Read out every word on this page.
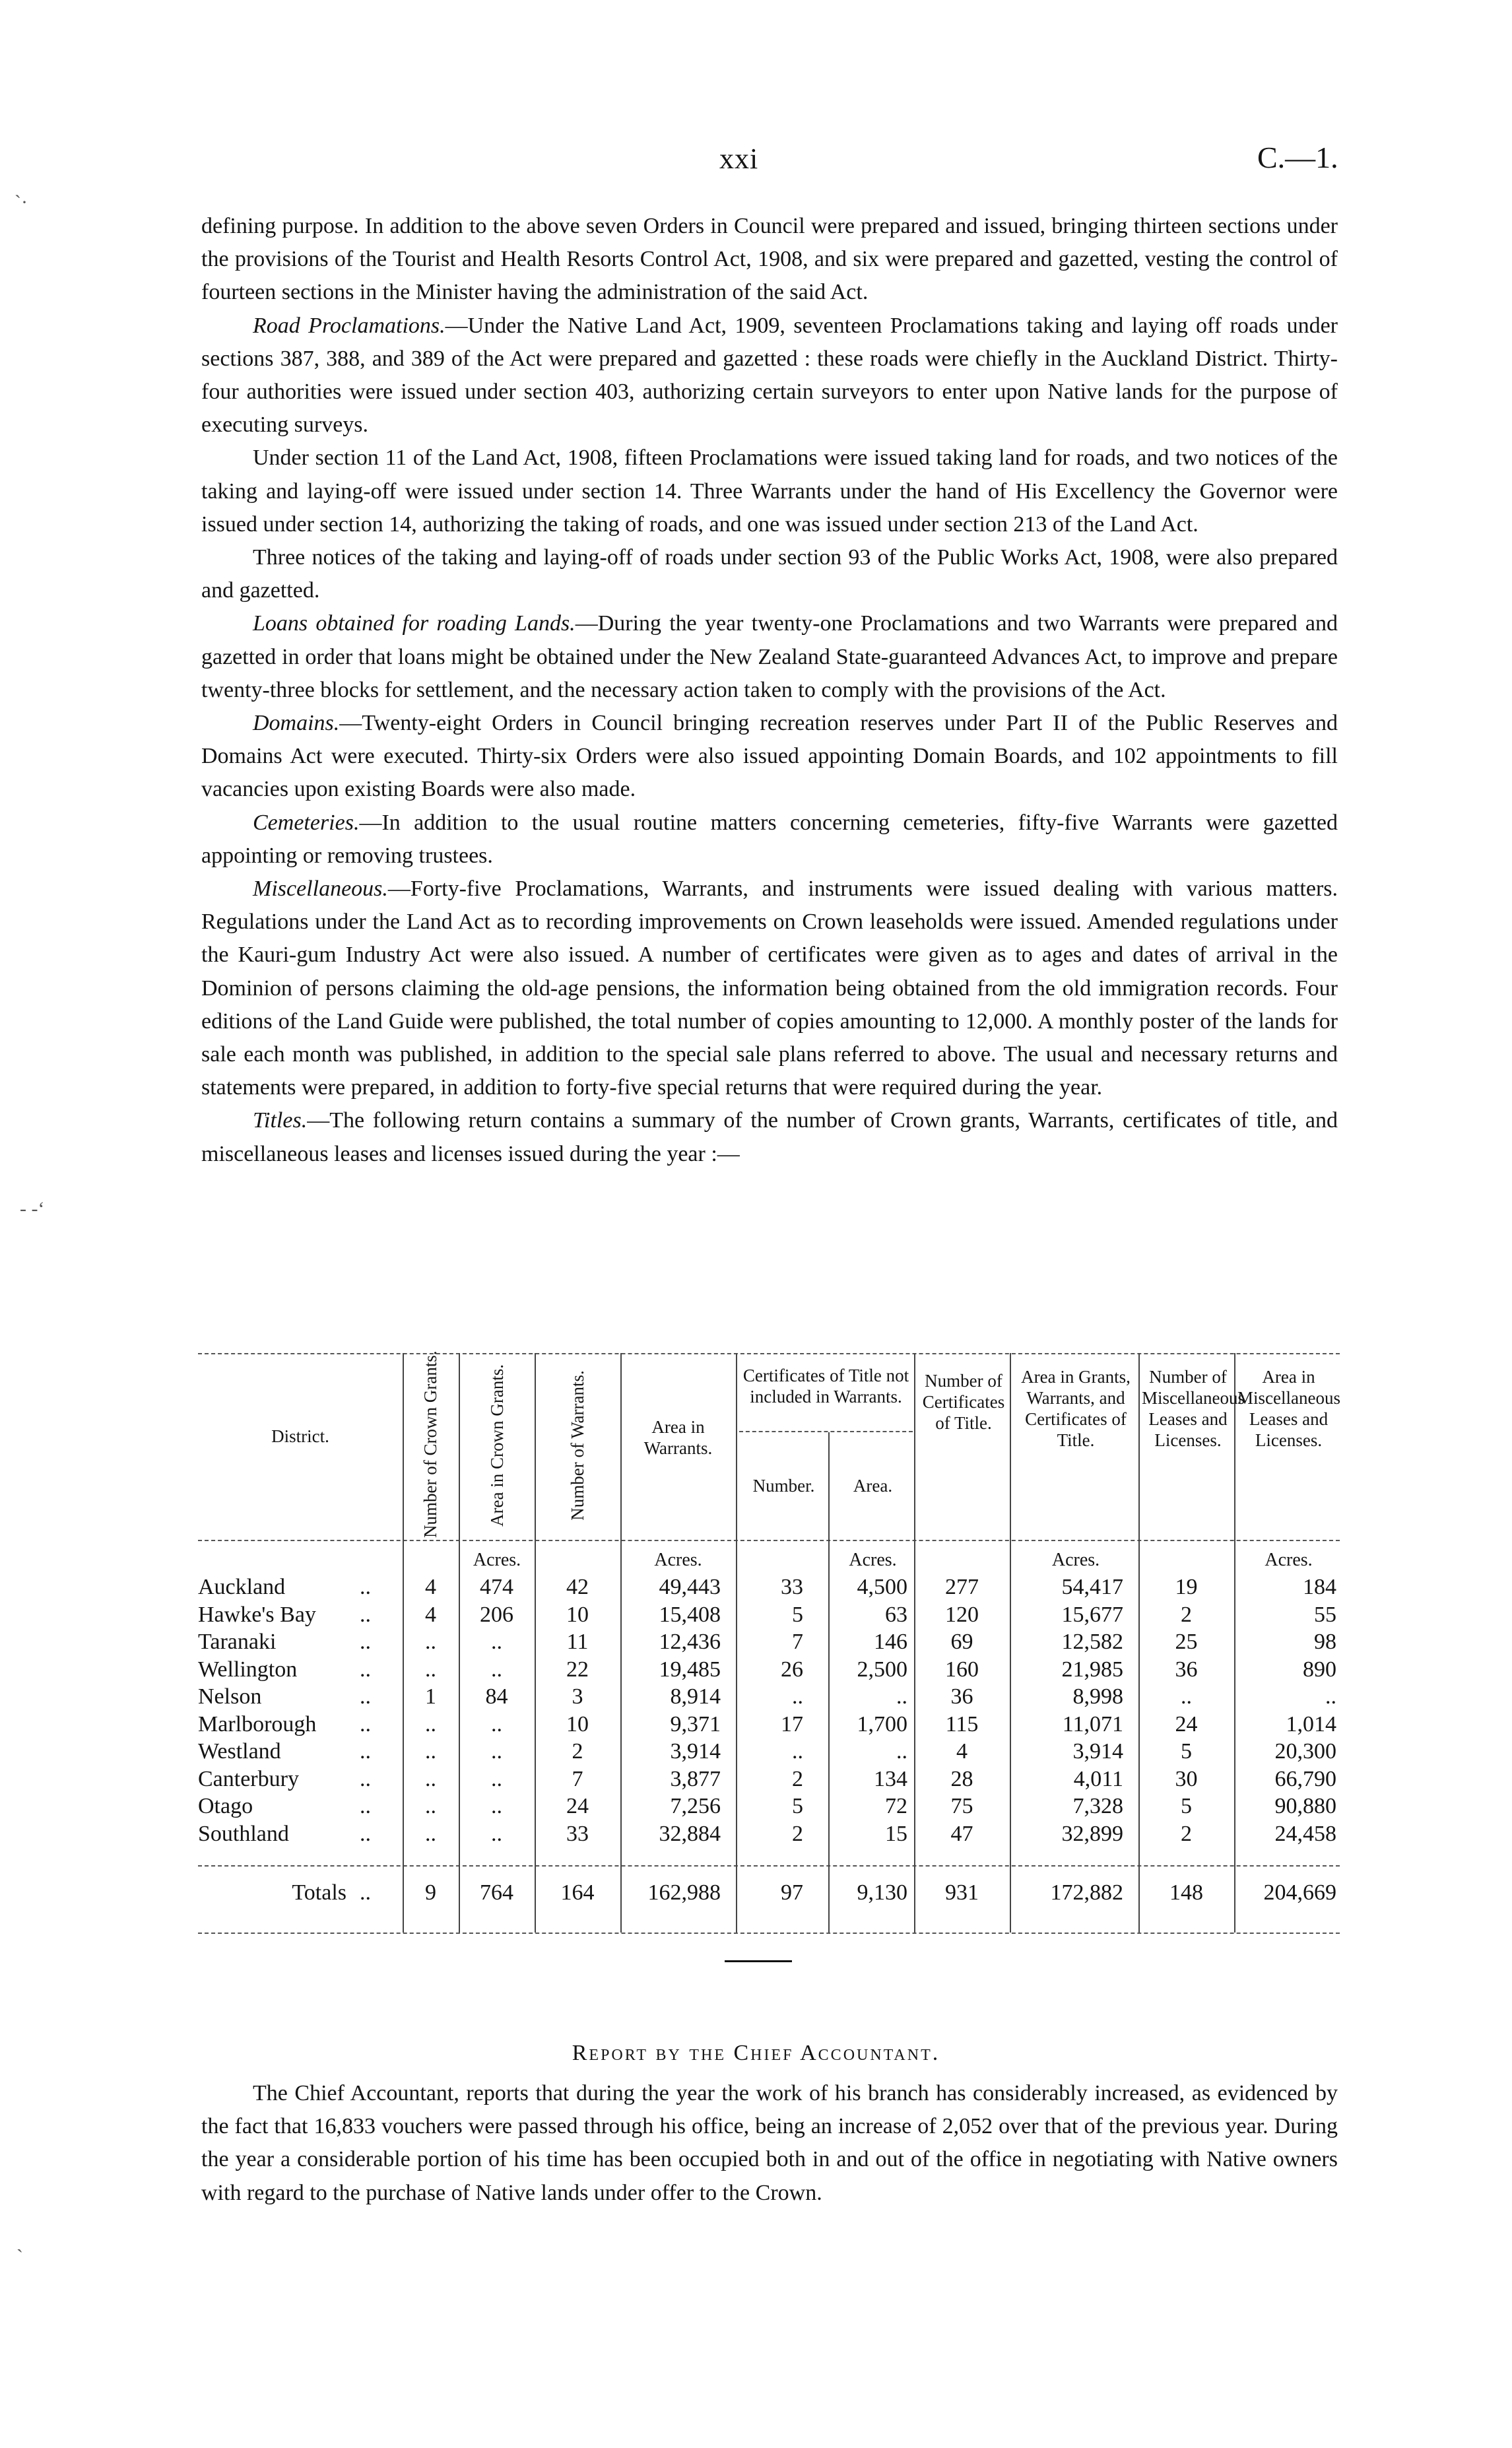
xxi	C.—1.
`·
- ‐‘
ˏ

defining purpose. In addition to the above seven Orders in Council were prepared and issued, bringing thirteen sections under the provisions of the Tourist and Health Resorts Control Act, 1908, and six were prepared and gazetted, vesting the control of fourteen sections in the Minister having the administration of the said Act.

Road Proclamations.—Under the Native Land Act, 1909, seventeen Proclamations taking and laying off roads under sections 387, 388, and 389 of the Act were prepared and gazetted : these roads were chiefly in the Auckland District. Thirty-four authorities were issued under section 403, authorizing certain surveyors to enter upon Native lands for the purpose of executing surveys.

Under section 11 of the Land Act, 1908, fifteen Proclamations were issued taking land for roads, and two notices of the taking and laying-off were issued under section 14. Three Warrants under the hand of His Excellency the Governor were issued under section 14, authorizing the taking of roads, and one was issued under section 213 of the Land Act.

Three notices of the taking and laying-off of roads under section 93 of the Public Works Act, 1908, were also prepared and gazetted.

Loans obtained for roading Lands.—During the year twenty-one Proclamations and two Warrants were prepared and gazetted in order that loans might be obtained under the New Zealand State-guaranteed Advances Act, to improve and prepare twenty-three blocks for settlement, and the necessary action taken to comply with the provisions of the Act.

Domains.—Twenty-eight Orders in Council bringing recreation reserves under Part II of the Public Reserves and Domains Act were executed. Thirty-six Orders were also issued appointing Domain Boards, and 102 appointments to fill vacancies upon existing Boards were also made.

Cemeteries.—In addition to the usual routine matters concerning cemeteries, fifty-five Warrants were gazetted appointing or removing trustees.

Miscellaneous.—Forty-five Proclamations, Warrants, and instruments were issued dealing with various matters. Regulations under the Land Act as to recording improvements on Crown leaseholds were issued. Amended regulations under the Kauri-gum Industry Act were also issued. A number of certificates were given as to ages and dates of arrival in the Dominion of persons claiming the old-age pensions, the information being obtained from the old immigration records. Four editions of the Land Guide were published, the total number of copies amounting to 12,000. A monthly poster of the lands for sale each month was published, in addition to the special sale plans referred to above. The usual and necessary returns and statements were prepared, in addition to forty-five special returns that were required during the year.

Titles.—The following return contains a summary of the number of Crown grants, Warrants, certificates of title, and miscellaneous leases and licenses issued during the year :—

District.	Number of Crown Grants.	Area in Crown Grants.	Number of Warrants.	Area in Warrants.
Certificates of Title not included in Warrants.
Number.	Area.
Number of Certificates of Title.
Area in Grants, Warrants, and Certificates of Title.
Number of Miscellaneous Leases and Licenses.
Area in Miscellaneous Leases and Licenses.
Acres.	Acres.	Acres.	Acres.	Acres.
Auckland	..	4	474	42	49,443	33	4,500	277	54,417	19	184
Hawke's Bay	..	4	206	10	15,408	5	63	120	15,677	2	55
Taranaki	..	..	..	11	12,436	7	146	69	12,582	25	98
Wellington	..	..	..	22	19,485	26	2,500	160	21,985	36	890
Nelson	..	1	84	3	8,914	..	..	36	8,998	..	..
Marlborough	..	..	..	10	9,371	17	1,700	115	11,071	24	1,014
Westland	..	..	..	2	3,914	..	..	4	3,914	5	20,300
Canterbury	..	..	..	7	3,877	2	134	28	4,011	30	66,790
Otago	..	..	..	24	7,256	5	72	75	7,328	5	90,880
Southland	..	..	..	33	32,884	2	15	47	32,899	2	24,458
Totals ..	9	764	164	162,988	97	9,130	931	172,882	148	204,669
Report by the Chief Accountant.

The Chief Accountant, reports that during the year the work of his branch has considerably increased, as evidenced by the fact that 16,833 vouchers were passed through his office, being an increase of 2,052 over that of the previous year. During the year a considerable portion of his time has been occupied both in and out of the office in negotiating with Native owners with regard to the purchase of Native lands under offer to the Crown.
